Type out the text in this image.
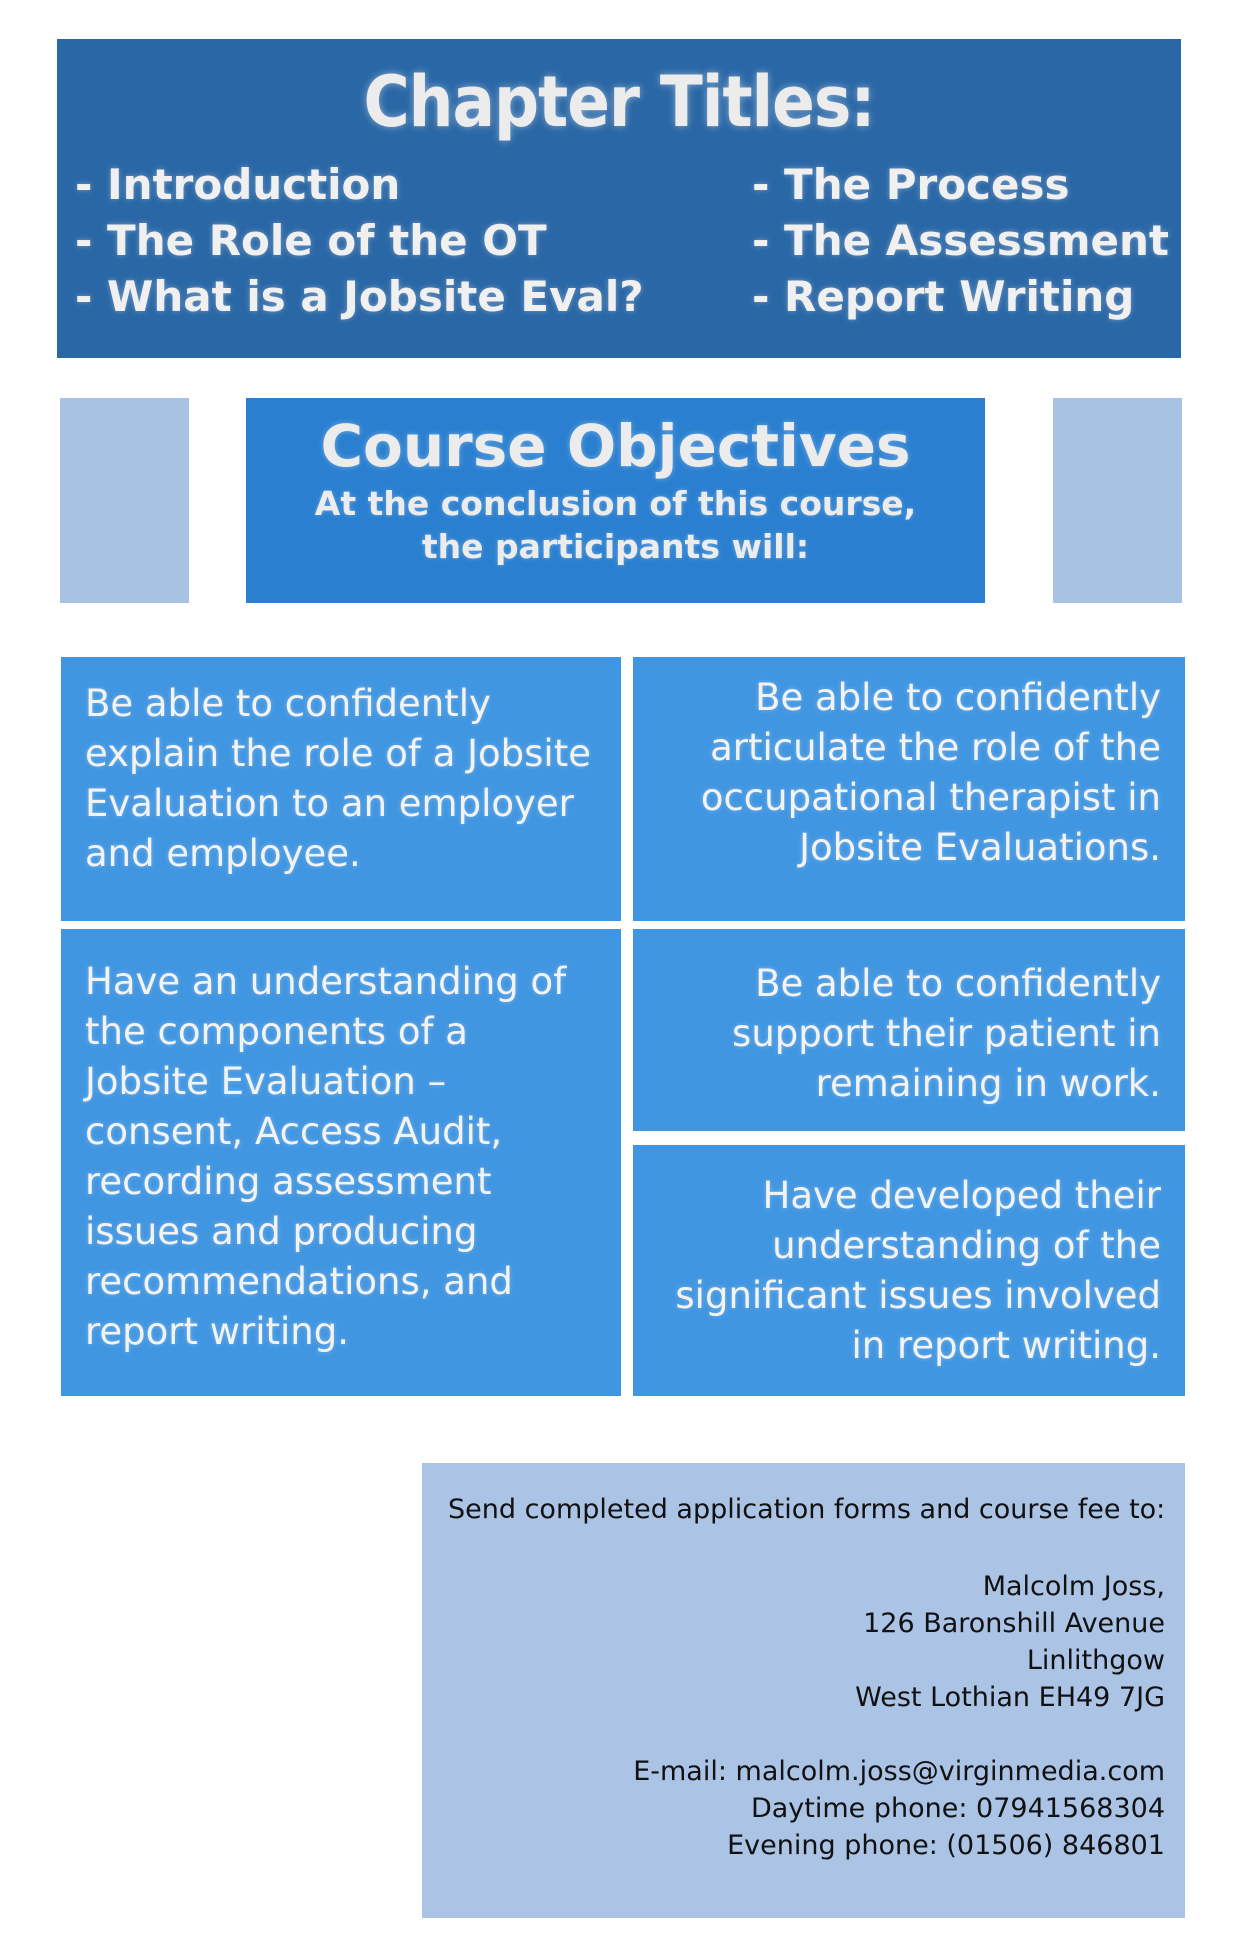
Chapter Titles:
- Introduction
- The Role of the OT
- What is a Jobsite Eval?
- The Process
- The Assessment
- Report Writing
Course Objectives

At the conclusion of this course,
the participants will:

Be able to confidently explain the role of a Jobsite Evaluation to an employer and employee.
Be able to confidently articulate the role of the occupational therapist in Jobsite Evaluations.
Have an understanding of the components of a Jobsite Evaluation – consent, Access Audit, recording assessment issues and producing recommendations, and report writing.
Be able to confidently support their patient in remaining in work.
Have developed their understanding of the significant issues involved in report writing.
Send completed application forms and course fee to:
Malcolm Joss,
126 Baronshill Avenue
Linlithgow
West Lothian EH49 7JG
E-mail: malcolm.joss@virginmedia.com
Daytime phone: 07941568304
Evening phone: (01506) 846801
